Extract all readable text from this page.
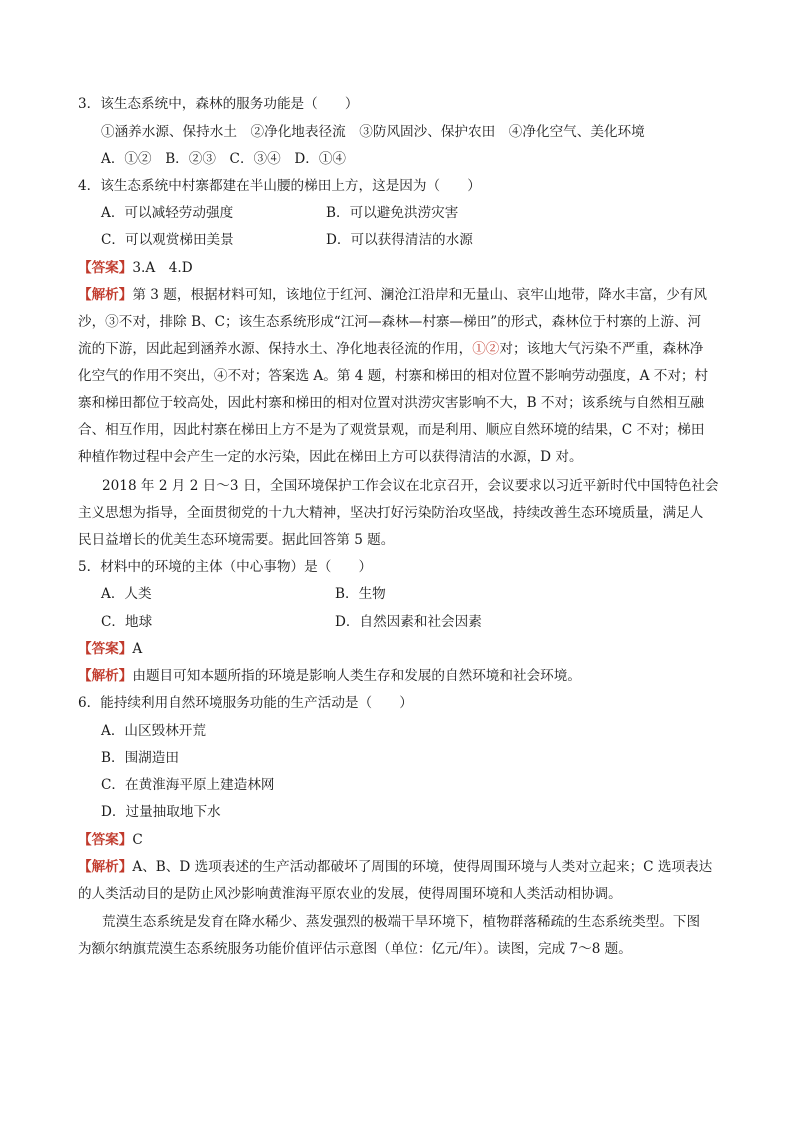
3．该生态系统中，森林的服务功能是（　　）
①涵养水源、保持水土　②净化地表径流　③防风固沙、保护农田　④净化空气、美化环境
A．①②　B．②③　C．③④　D．①④
4．该生态系统中村寨都建在半山腰的梯田上方，这是因为（　　）
A．可以减轻劳动强度	B．可以避免洪涝灾害
C．可以观赏梯田美景	D．可以获得清洁的水源
【答案】3.A　4.D
【解析】第 3 题，根据材料可知，该地位于红河、澜沧江沿岸和无量山、哀牢山地带，降水丰富，少有风
沙，③不对，排除 B、C；该生态系统形成“江河—森林—村寨—梯田”的形式，森林位于村寨的上游、河
流的下游，因此起到涵养水源、保持水土、净化地表径流的作用，①②对；该地大气污染不严重，森林净
化空气的作用不突出，④不对；答案选 A。第 4 题，村寨和梯田的相对位置不影响劳动强度，A 不对；村
寨和梯田都位于较高处，因此村寨和梯田的相对位置对洪涝灾害影响不大，B 不对；该系统与自然相互融
合、相互作用，因此村寨在梯田上方不是为了观赏景观，而是利用、顺应自然环境的结果，C 不对；梯田
种植作物过程中会产生一定的水污染，因此在梯田上方可以获得清洁的水源，D 对。
2018 年 2 月 2 日～3 日，全国环境保护工作会议在北京召开，会议要求以习近平新时代中国特色社会
主义思想为指导，全面贯彻党的十九大精神，坚决打好污染防治攻坚战，持续改善生态环境质量，满足人
民日益增长的优美生态环境需要。据此回答第 5 题。
5．材料中的环境的主体（中心事物）是（　　）
A．人类	B．生物
C．地球	D．自然因素和社会因素
【答案】A
【解析】由题目可知本题所指的环境是影响人类生存和发展的自然环境和社会环境。
6．能持续利用自然环境服务功能的生产活动是（　　）
A．山区毁林开荒
B．围湖造田
C．在黄淮海平原上建造林网
D．过量抽取地下水
【答案】C
【解析】A、B、D 选项表述的生产活动都破坏了周围的环境，使得周围环境与人类对立起来；C 选项表达
的人类活动目的是防止风沙影响黄淮海平原农业的发展，使得周围环境和人类活动相协调。
荒漠生态系统是发育在降水稀少、蒸发强烈的极端干旱环境下，植物群落稀疏的生态系统类型。下图
为额尔纳旗荒漠生态系统服务功能价值评估示意图（单位：亿元/年）。读图，完成 7～8 题。
